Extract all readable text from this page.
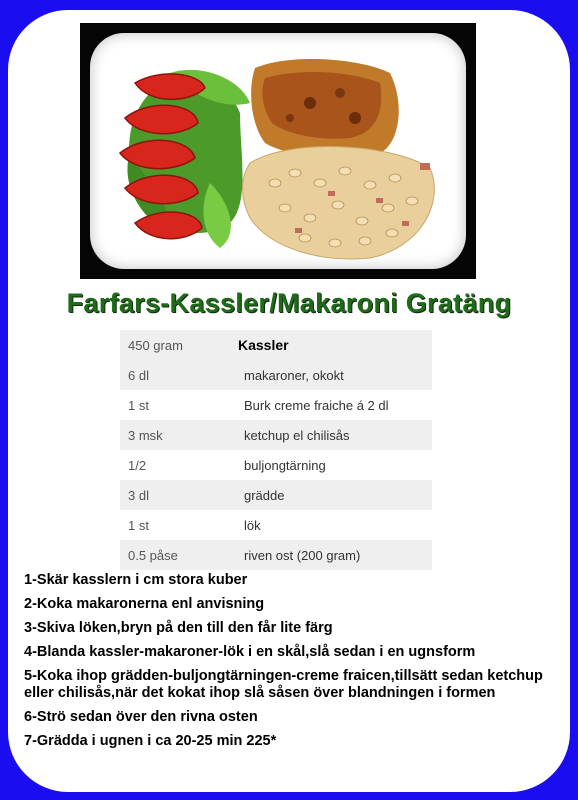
Farfars-Kassler/Makaroni Gratäng
450 gram	Kassler
6 dl	makaroner, okokt
1 st	Burk creme fraiche á 2 dl
3 msk	ketchup el chilisås
1/2	buljongtärning
3 dl	grädde
1 st	lök
0.5 påse	riven ost (200 gram)
1-Skär kasslern i cm stora kuber
2-Koka makaronerna enl anvisning
3-Skiva löken,bryn på den till den får lite färg
4-Blanda kassler-makaroner-lök i en skål,slå sedan i en ugnsform
5-Koka ihop grädden-buljongtärningen-creme fraicen,tillsätt sedan ketchup eller chilisås,när det kokat ihop slå såsen över blandningen i formen
6-Strö sedan över den rivna osten
7-Grädda i ugnen i ca 20-25 min 225*
